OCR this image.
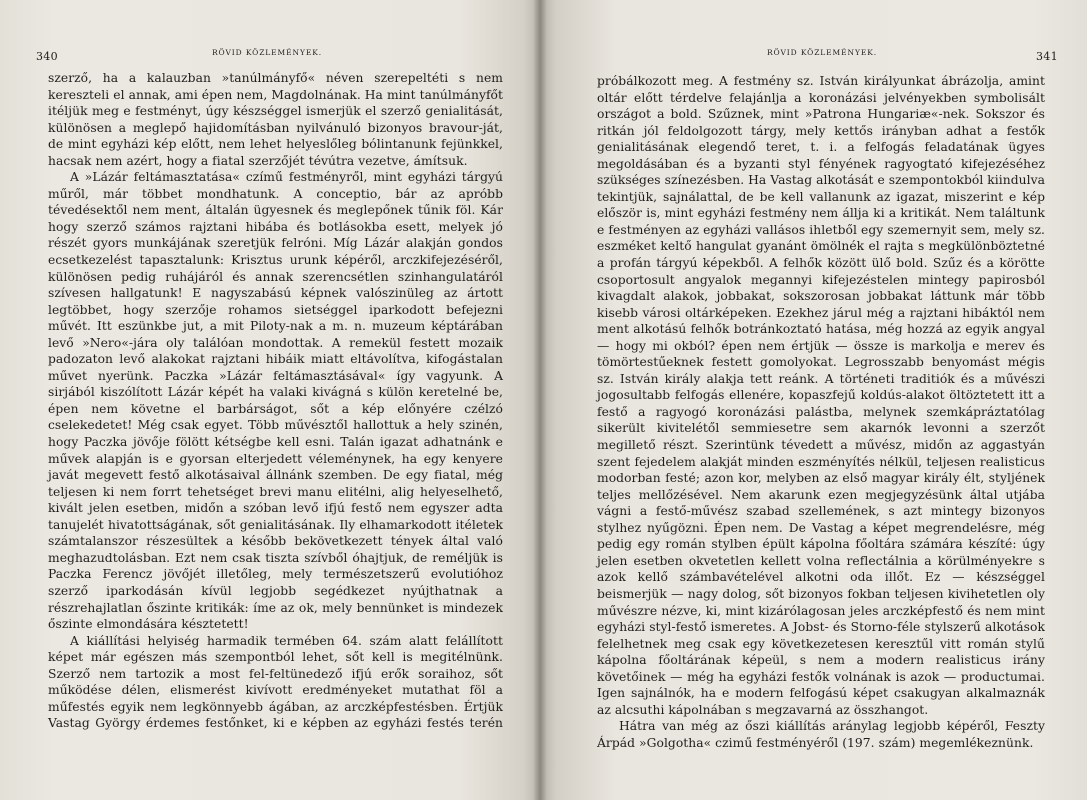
340	RÖVID KÖZLEMÉNYEK.

szerző, ha a kalauzban »tanúlmányfő« néven szerepeltéti s nem kereszteli el annak, ami épen nem, Magdolnának. Ha mint tanúlmányfőt itéljük meg e festményt, úgy készséggel ismerjük el szerző genialitását, különösen a meglepő hajidomításban nyilvánuló bizonyos bravour-ját, de mint egyházi kép előtt, nem lehet helyeslőleg bólintanunk fejünkkel, hacsak nem azért, hogy a fiatal szerzőjét tévútra vezetve, ámítsuk.

A »Lázár feltámasztatása« czímű festményről, mint egyházi tárgyú műről, már többet mondhatunk. A conceptio, bár az apróbb tévedésektől nem ment, általán ügyesnek és meglepőnek tűnik föl. Kár hogy szerző számos rajztani hibába és botlásokba esett, melyek jó részét gyors munkájának szeretjük felróni. Míg Lázár alakján gondos ecsetkezelést tapasztalunk: Krisztus urunk képéről, arczkifejezéséről, különösen pedig ruhájáról és annak szerencsétlen szinhangulatáról szívesen hallgatunk! E nagyszabású képnek valószinüleg az ártott legtöbbet, hogy szerzője rohamos sietséggel iparkodott befejezni művét. Itt eszünkbe jut, a mit Piloty-nak a m. n. muzeum képtárában levő »Nero«-jára oly találóan mondottak. A remekül festett mozaik padozaton levő alakokat rajztani hibáik miatt eltávolítva, kifogástalan művet nyerünk. Paczka »Lázár feltámasztásával« így vagyunk. A sirjából kiszólított Lázár képét ha valaki kivágná s külön keretelné be, épen nem követne el barbárságot, sőt a kép előnyére czélzó cselekedetet! Még csak egyet. Több művésztől hallottuk a hely szinén, hogy Paczka jövője fölött kétségbe kell esni. Talán igazat adhatnánk e művek alapján is e gyorsan elterjedett véleménynek, ha egy kenyere javát megevett festő alkotásaival állnánk szemben. De egy fiatal, még teljesen ki nem forrt tehetséget brevi manu elitélni, alig helyeselhető, kivált jelen esetben, midőn a szóban levő ifjú festő nem egyszer adta tanujelét hivatottságának, sőt genialitásának. Ily elhamarkodott itéletek számtalanszor részesültek a később bekövetkezett tények által való meghazudtolásban. Ezt nem csak tiszta szívből óhajtjuk, de reméljük is Paczka Ferencz jövőjét illetőleg, mely természetszerű evolutióhoz szerző iparkodásán kívül legjobb segédkezet nyújthatnak a részrehajlatlan őszinte kritikák: íme az ok, mely bennünket is mindezek őszinte elmondására késztetett!

A kiállítási helyiség harmadik termében 64. szám alatt felállított képet már egészen más szempontból lehet, sőt kell is megitélnünk. Szerző nem tartozik a most fel-feltünedező ifjú erők soraihoz, sőt működése délen, elismerést kivívott eredményeket mutathat föl a műfestés egyik nem legkönnyebb ágában, az arczképfestésben. Értjük Vastag György érdemes festőnket, ki e képben az egyházi festés terén

RÖVID KÖZLEMÉNYEK.	341

próbálkozott meg. A festmény sz. István királyunkat ábrázolja, amint oltár előtt térdelve felajánlja a koronázási jelvényekben symbolisált országot a bold. Szűznek, mint »Patrona Hungariæ«-nek. Sokszor és ritkán jól feldolgozott tárgy, mely kettős irányban adhat a festők genialitásának elegendő teret, t. i. a felfogás feladatának ügyes megoldásában és a byzanti styl fényének ragyogtató kifejezéséhez szükséges színezésben. Ha Vastag alkotását e szempontokból kiindulva tekintjük, sajnálattal, de be kell vallanunk az igazat, miszerint e kép először is, mint egyházi festmény nem állja ki a kritikát. Nem találtunk e festményen az egyházi vallásos ihletből egy szemernyit sem, mely sz. eszméket keltő hangulat gyanánt ömölnék el rajta s megkülönböztetné a profán tárgyú képekből. A felhők között ülő bold. Szűz és a körötte csoportosult angyalok megannyi kifejezéstelen mintegy papirosból kivagdalt alakok, jobbakat, sokszorosan jobbakat láttunk már több kisebb városi oltárképeken. Ezekhez járul még a rajztani hibáktól nem ment alkotású felhők botránkoztató hatása, még hozzá az egyik angyal — hogy mi okból? épen nem értjük — össze is markolja e merev és tömörtestűeknek festett gomolyokat. Legrosszabb benyomást mégis sz. István király alakja tett reánk. A történeti traditiók és a művészi jogosultabb felfogás ellenére, kopaszfejű koldús-alakot öltöztetett itt a festő a ragyogó koronázási palástba, melynek szemkápráztatólag sikerült kivitelétől semmiesetre sem akarnók levonni a szerzőt megillető részt. Szerintünk tévedett a művész, midőn az aggastyán szent fejedelem alakját minden eszményítés nélkül, teljesen realisticus modorban festé; azon kor, melyben az első magyar király élt, styljének teljes mellőzésével. Nem akarunk ezen megjegyzésünk által utjába vágni a festő-művész szabad szellemének, s azt mintegy bizonyos stylhez nyűgözni. Épen nem. De Vastag a képet megrendelésre, még pedig egy román stylben épült kápolna főoltára számára készíté: úgy jelen esetben okvetetlen kellett volna reflectálnia a körülményekre s azok kellő számbavételével alkotni oda illőt. Ez — készséggel beismerjük — nagy dolog, sőt bizonyos fokban teljesen kivihetetlen oly művészre nézve, ki, mint kizárólagosan jeles arczképfestő és nem mint egyházi styl-festő ismeretes. A Jobst- és Storno-féle stylszerű alkotások felelhetnek meg csak egy következetesen keresztűl vitt román stylű kápolna főoltárának képeül, s nem a modern realisticus irány követőinek — még ha egyházi festők volnának is azok — productumai. Igen sajnálnók, ha e modern felfogású képet csakugyan alkalmaznák az alcsuthi kápolnában s megzavarná az összhangot.

Hátra van még az őszi kiállítás aránylag legjobb képéről, Feszty Árpád »Golgotha« czimű festményéről (197. szám) megemlékeznünk.
